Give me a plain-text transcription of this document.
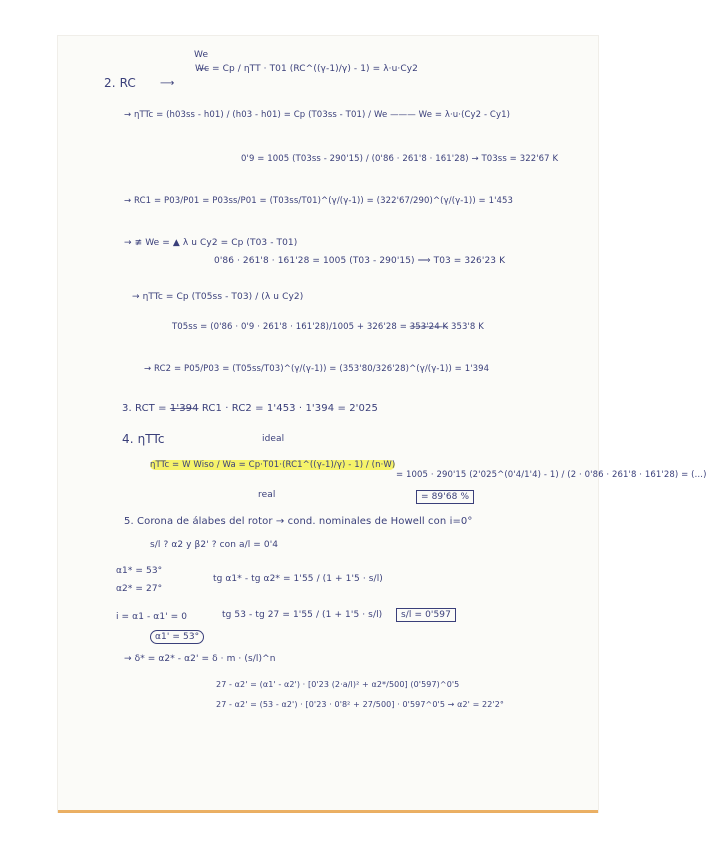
We
W̶c̶
2. RC ⟶
= Cp / ηTT · T01 (RC^((γ-1)/γ) - 1) = λ·u·Cy2
→ ηTTc = (h03ss - h01) / (h03 - h01) = Cp (T03ss - T01) / We ——— We = λ·u·(Cy2 - Cy1)
0'9 = 1005 (T03ss - 290'15) / (0'86 · 261'8 · 161'28) → T03ss = 322'67 K
→ RC1 = P03/P01 = P03ss/P01 = (T03ss/T01)^(γ/(γ-1)) = (322'67/290)^(γ/(γ-1)) = 1'453
→ ≢ We = ▲ λ u Cy2 = Cp (T03 - T01)
0'86 · 261'8 · 161'28 = 1005 (T03 - 290'15) ⟹ T03 = 326'23 K
→ ηTTc = Cp (T05ss - T03) / (λ u Cy2)
T05ss = (0'86 · 0'9 · 261'8 · 161'28)/1005 + 326'28 = 3̶5̶3̶'̶2̶4̶ ̶K̶ 353'8 K
→ RC2 = P05/P03 = (T05ss/T03)^(γ/(γ-1)) = (353'80/326'28)^(γ/(γ-1)) = 1'394
3. RCT = 1̶'̶3̶9̶4̶ RC1 · RC2 = 1'453 · 1'394 = 2'025
4. ηTTc	ideal
ηTTc = W Wiso / Wa = Cp·T01·(RC1^((γ-1)/γ) - 1) / (n·W)
= 1005 · 290'15 (2'025^(0'4/1'4) - 1) / (2 · 0'86 · 261'8 · 161'28) = (…)
real	= 89'68 %
5. Corona de álabes del rotor → cond. nominales de Howell con i=0°
s/l ? α2 y β2' ? con a/l = 0'4
α1* = 53°
α2* = 27°
tg α1* - tg α2* = 1'55 / (1 + 1'5 · s/l)
i = α1 - α1' = 0	tg 53 - tg 27 = 1'55 / (1 + 1'5 · s/l)	s/l = 0'597
α1' = 53°
→ δ* = α2* - α2' = δ · m · (s/l)^n
27 - α2' = (α1' - α2') · [0'23 (2·a/l)² + α2*/500] (0'597)^0'5
27 - α2' = (53 - α2') · [0'23 · 0'8² + 27/500] · 0'597^0'5 → α2' = 22'2°
